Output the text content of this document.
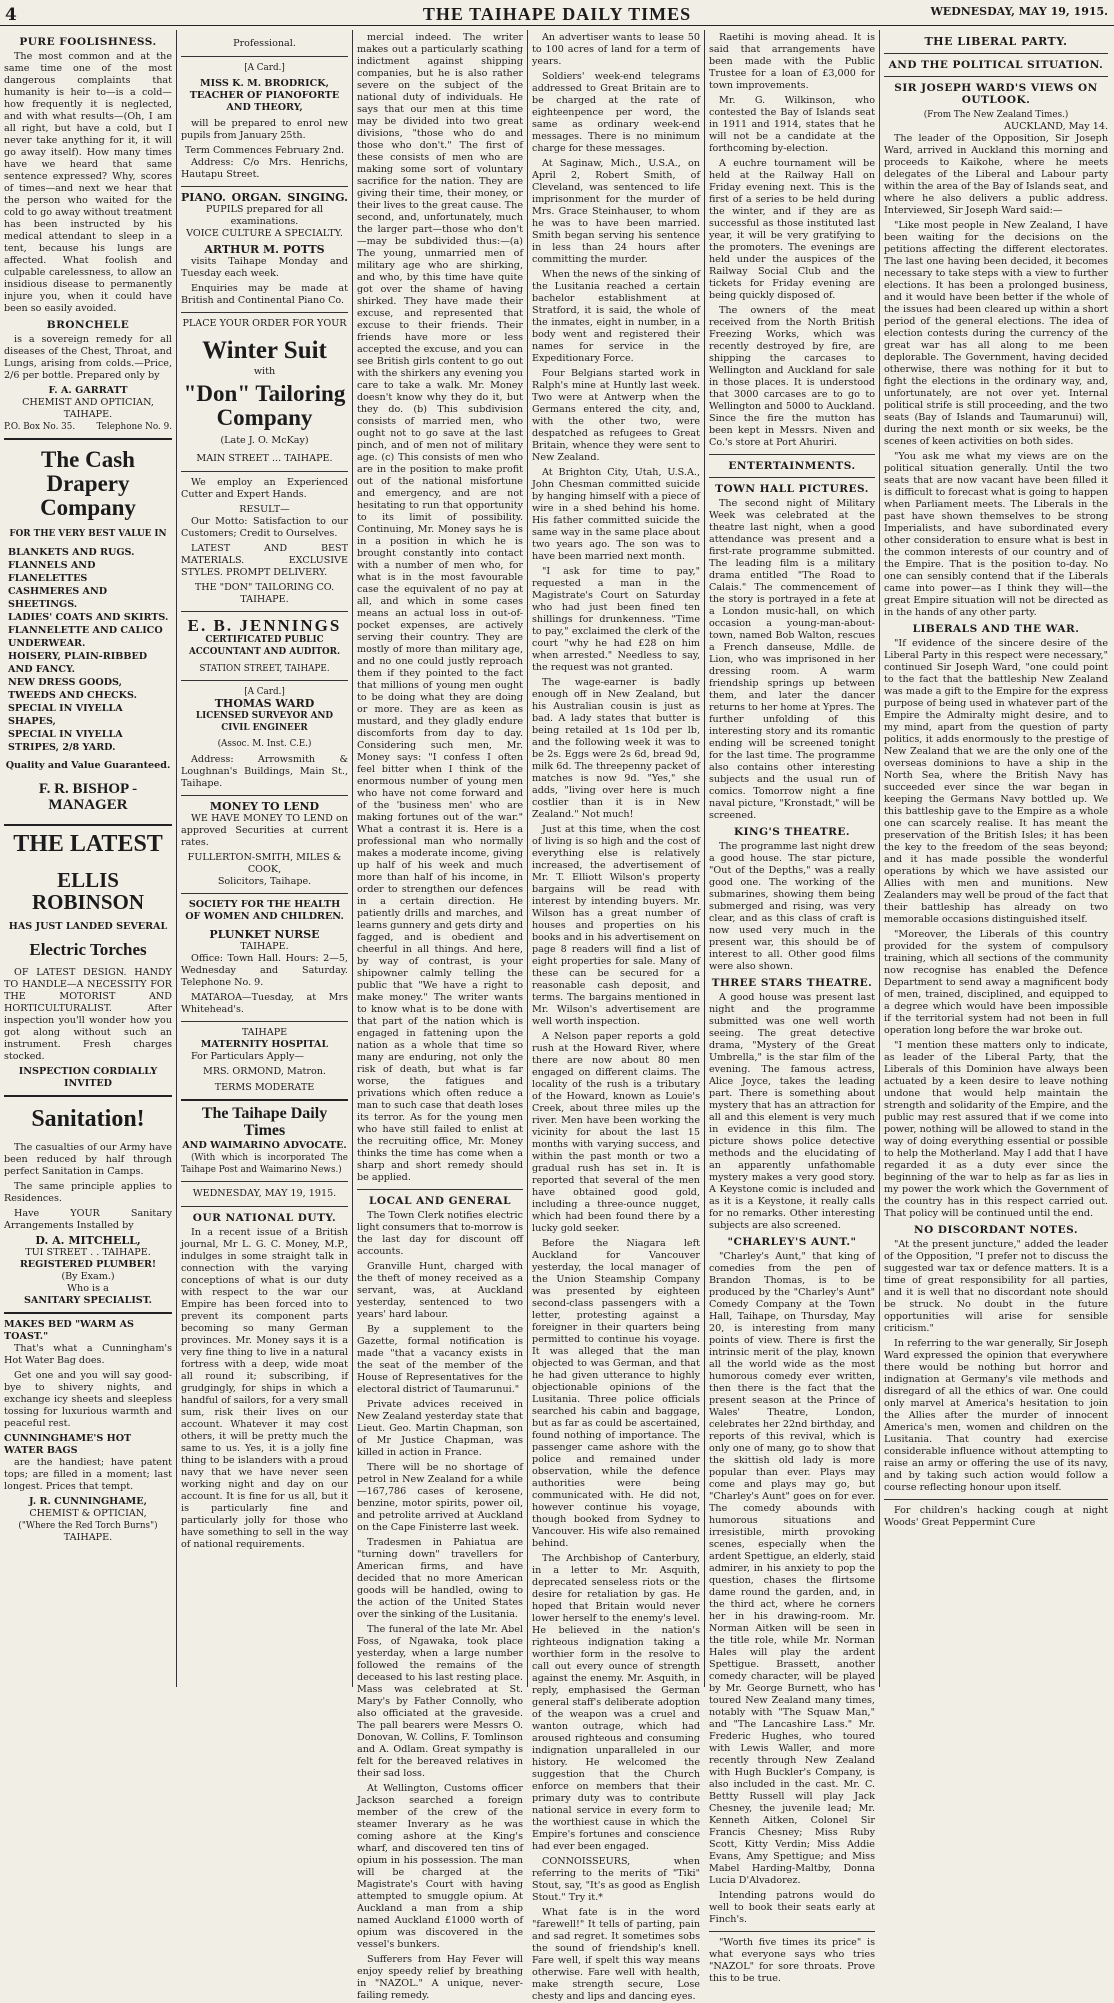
4	THE TAIHAPE DAILY TIMES	WEDNESDAY, MAY 19, 1915.
PURE FOOLISHNESS.

The most common and at the same time one of the most dangerous complaints that humanity is heir to—is a cold—how frequently it is neglected, and with what results—(Oh, I am all right, but have a cold, but I never take anything for it, it will go away itself). How many times have we heard that same sentence expressed? Why, scores of times—and next we hear that the person who waited for the cold to go away without treatment has been instructed by his medical attendant to sleep in a tent, because his lungs are affected. What foolish and culpable carelessness, to allow an insidious disease to permanently injure you, when it could have been so easily avoided.

BRONCHELE

is a sovereign remedy for all diseases of the Chest, Throat, and Lungs, arising from colds.—Price, 2/6 per bottle. Prepared only by

F. A. GARRATT
CHEMIST AND OPTICIAN,
TAIHAPE.
P.O. Box No. 35. Telephone No. 9.
The Cash Drapery Company
FOR THE VERY BEST VALUE IN
BLANKETS AND RUGS.
FLANNELS AND FLANELETTES
CASHMERES AND SHEETINGS.
LADIES' COATS AND SKIRTS.
FLANNELETTE AND CALICO UNDERWEAR.
HOISERY, PLAIN-RIBBED AND FANCY.
NEW DRESS GOODS, TWEEDS AND CHECKS.
SPECIAL IN VIYELLA SHAPES,
SPECIAL IN VIYELLA STRIPES, 2/8 YARD.
Quality and Value Guaranteed.
F. R. BISHOP - MANAGER
THE LATEST
ELLIS ROBINSON
HAS JUST LANDED SEVERAL
Electric Torches

OF LATEST DESIGN. HANDY TO HANDLE—A NECESSITY FOR THE MOTORIST AND HORTICULTURALIST. After inspection you'll wonder how you got along without such an instrument. Fresh charges stocked.

INSPECTION CORDIALLY INVITED
Sanitation!

The casualties of our Army have been reduced by half through perfect Sanitation in Camps.

The same principle applies to Residences.

Have YOUR Sanitary Arrangements Installed by

D. A. MITCHELL,
TUI STREET . . TAIHAPE.
REGISTERED PLUMBER!
(By Exam.)
Who is a
SANITARY SPECIALIST.
MAKES BED "WARM AS TOAST."

That's what a Cunningham's Hot Water Bag does.

Get one and you will say good-bye to shivery nights, and exchange icy sheets and sleepless tossing for luxurious warmth and peaceful rest.

CUNNINGHAME'S HOT WATER BAGS

are the handiest; have patent tops; are filled in a moment; last longest. Prices that tempt.

J. R. CUNNINGHAME,
CHEMIST & OPTICIAN,
("Where the Red Torch Burns")
TAIHAPE.
Professional.
[A Card.]
MISS K. M. BRODRICK, TEACHER OF PIANOFORTE AND THEORY,

will be prepared to enrol new pupils from January 25th.

Term Commences February 2nd.

Address: C/o Mrs. Henrichs, Hautapu Street.

PIANO. ORGAN. SINGING.
PUPILS prepared for all examinations.
VOICE CULTURE A SPECIALTY.
ARTHUR M. POTTS

visits Taihape Monday and Tuesday each week.

Enquiries may be made at British and Continental Piano Co.

PLACE YOUR ORDER FOR YOUR
Winter Suit
with
"Don" Tailoring Company
(Late J. O. McKay)
MAIN STREET ... TAIHAPE.

We employ an Experienced Cutter and Expert Hands.

RESULT—

Our Motto: Satisfaction to our Customers; Credit to Ourselves.

LATEST AND BEST MATERIALS. EXCLUSIVE STYLES. PROMPT DELIVERY.

THE "DON" TAILORING CO.
TAIHAPE.
E. B. JENNINGS
CERTIFICATED PUBLIC ACCOUNTANT AND AUDITOR.
STATION STREET, TAIHAPE.
[A Card.]
THOMAS WARD
LICENSED SURVEYOR AND CIVIL ENGINEER
(Assoc. M. Inst. C.E.)

Address: Arrowsmith & Loughnan's Buildings, Main St., Taihape.

MONEY TO LEND

WE HAVE MONEY TO LEND on approved Securities at current rates.

FULLERTON-SMITH, MILES & COOK,
Solicitors, Taihape.
SOCIETY FOR THE HEALTH OF WOMEN AND CHILDREN.
PLUNKET NURSE
TAIHAPE.

Office: Town Hall. Hours: 2—5, Wednesday and Saturday. Telephone No. 9.

MATAROA—Tuesday, at Mrs Whitehead's.

TAIHAPE
MATERNITY HOSPITAL

For Particulars Apply—

MRS. ORMOND, Matron.
TERMS MODERATE
The Taihape Daily Times
AND WAIMARINO ADVOCATE.

(With which is incorporated The Taihape Post and Waimarino News.)

WEDNESDAY, MAY 19, 1915.
OUR NATIONAL DUTY.

In a recent issue of a British journal, Mr L. G. C. Money, M.P., indulges in some straight talk in connection with the varying conceptions of what is our duty with respect to the war our Empire has been forced into to prevent its component parts becoming so many German provinces. Mr. Money says it is a very fine thing to live in a natural fortress with a deep, wide moat all round it; subscribing, if grudgingly, for ships in which a handful of sailors, for a very small sum, risk their lives on our account. Whatever it may cost others, it will be pretty much the same to us. Yes, it is a jolly fine thing to be islanders with a proud navy that we have never seen working night and day on our account. It is fine for us all, but it is particularly fine and particularly jolly for those who have something to sell in the way of national requirements.

mercial indeed. The writer makes out a particularly scathing indictment against shipping companies, but he is also rather severe on the subject of the national duty of individuals. He says that our men at this time may be divided into two great divisions, "those who do and those who don't." The first of these consists of men who are making some sort of voluntary sacrifice for the nation. They are giving their time, their money, or their lives to the great cause. The second, and, unfortunately, much the larger part—those who don't—may be subdivided thus:—(a) The young, unmarried men of military age who are shirking, and who, by this time have quite got over the shame of having shirked. They have made their excuse, and represented that excuse to their friends. Their friends have more or less accepted the excuse, and you can see British girls content to go out with the shirkers any evening you care to take a walk. Mr. Money doesn't know why they do it, but they do. (b) This subdivision consists of married men, who ought not to go save at the last pinch, and of men not of military age. (c) This consists of men who are in the position to make profit out of the national misfortune and emergency, and are not hesitating to run that opportunity to its limit of possibility. Continuing, Mr. Money says he is in a position in which he is brought constantly into contact with a number of men who, for what is in the most favourable case the equivalent of no pay at all, and which in some cases means an actual loss in out-of-pocket expenses, are actively serving their country. They are mostly of more than military age, and no one could justly reproach them if they pointed to the fact that millions of young men ought to be doing what they are doing or more. They are as keen as mustard, and they gladly endure discomforts from day to day. Considering such men, Mr. Money says: "I confess I often feel bitter when I think of the enormous number of young men who have not come forward and of the 'business men' who are making fortunes out of the war." What a contrast it is. Here is a professional man who normally makes a moderate income, giving up half of his week and much more than half of his income, in order to strengthen our defences in a certain direction. He patiently drills and marches, and learns gunnery and gets dirty and fagged, and is obedient and cheerful in all things. And here, by way of contrast, is your shipowner calmly telling the public that "We have a right to make money." The writer wants to know what is to be done with that part of the nation which is engaged in fattening upon the nation as a whole that time so many are enduring, not only the risk of death, but what is far worse, the fatigues and privations which often reduce a man to such case that death loses its terror. As for the young men who have still failed to enlist at the recruiting office, Mr. Money thinks the time has come when a sharp and short remedy should be applied.

LOCAL AND GENERAL

The Town Clerk notifies electric light consumers that to-morrow is the last day for discount off accounts.

Granville Hunt, charged with the theft of money received as a servant, was, at Auckland yesterday, sentenced to two years' hard labour.

By a supplement to the Gazette, formal notification is made "that a vacancy exists in the seat of the member of the House of Representatives for the electoral district of Taumarunui."

Private advices received in New Zealand yesterday state that Lieut. Geo. Martin Chapman, son of Mr Justice Chapman, was killed in action in France.

There will be no shortage of petrol in New Zealand for a while—167,786 cases of kerosene, benzine, motor spirits, power oil, and petrolite arrived at Auckland on the Cape Finisterre last week.

Tradesmen in Pahiatua are "turning down" travellers for American firms, and have decided that no more American goods will be handled, owing to the action of the United States over the sinking of the Lusitania.

The funeral of the late Mr. Abel Foss, of Ngawaka, took place yesterday, when a large number followed the remains of the deceased to his last resting place. Mass was celebrated at St. Mary's by Father Connolly, who also officiated at the graveside. The pall bearers were Messrs O. Donovan, W. Collins, F. Tomlinson and A. Odlam. Great sympathy is felt for the bereaved relatives in their sad loss.

At Wellington, Customs officer Jackson searched a foreign member of the crew of the steamer Inverary as he was coming ashore at the King's wharf, and discovered ten tins of opium in his possession. The man will be charged at the Magistrate's Court with having attempted to smuggle opium. At Auckland a man from a ship named Auckland £1000 worth of opium was discovered in the vessel's bunkers.

Sufferers from Hay Fever will enjoy speedy relief by breathing in "NAZOL." A unique, never-failing remedy.

An advertiser wants to lease 50 to 100 acres of land for a term of years.

Soldiers' week-end telegrams addressed to Great Britain are to be charged at the rate of eighteenpence per word, the same as ordinary week-end messages. There is no minimum charge for these messages.

At Saginaw, Mich., U.S.A., on April 2, Robert Smith, of Cleveland, was sentenced to life imprisonment for the murder of Mrs. Grace Steinhauser, to whom he was to have been married. Smith began serving his sentence in less than 24 hours after committing the murder.

When the news of the sinking of the Lusitania reached a certain bachelor establishment at Stratford, it is said, the whole of the inmates, eight in number, in a body went and registered their names for service in the Expeditionary Force.

Four Belgians started work in Ralph's mine at Huntly last week. Two were at Antwerp when the Germans entered the city, and, with the other two, were despatched as refugees to Great Britain, whence they were sent to New Zealand.

At Brighton City, Utah, U.S.A., John Chesman committed suicide by hanging himself with a piece of wire in a shed behind his home. His father committed suicide the same way in the same place about two years ago. The son was to have been married next month.

"I ask for time to pay," requested a man in the Magistrate's Court on Saturday who had just been fined ten shillings for drunkenness. "Time to pay," exclaimed the clerk of the court "why he had £28 on him when arrested." Needless to say, the request was not granted.

The wage-earner is badly enough off in New Zealand, but his Australian cousin is just as bad. A lady states that butter is being retailed at 1s 10d per lb, and the following week it was to be 2s. Eggs were 2s 6d, bread 9d, milk 6d. The threepenny packet of matches is now 9d. "Yes," she adds, "living over here is much costlier than it is in New Zealand." Not much!

Just at this time, when the cost of living is so high and the cost of everything else is relatively increased, the advertisement of Mr. T. Elliott Wilson's property bargains will be read with interest by intending buyers. Mr. Wilson has a great number of houses and properties on his books and in his advertisement on page 8 readers will find a list of eight properties for sale. Many of these can be secured for a reasonable cash deposit, and terms. The bargains mentioned in Mr. Wilson's advertisement are well worth inspection.

A Nelson paper reports a gold rush at the Howard River, where there are now about 80 men engaged on different claims. The locality of the rush is a tributary of the Howard, known as Louie's Creek, about three miles up the river. Men have been working the vicinity for about the last 15 months with varying success, and within the past month or two a gradual rush has set in. It is reported that several of the men have obtained good gold, including a three-ounce nugget, which had been found there by a lucky gold seeker.

Before the Niagara left Auckland for Vancouver yesterday, the local manager of the Union Steamship Company was presented by eighteen second-class passengers with a letter, protesting against a foreigner in their quarters being permitted to continue his voyage. It was alleged that the man objected to was German, and that he had given utterance to highly objectionable opinions of the Lusitania. Three police officials searched his cabin and baggage, but as far as could be ascertained, found nothing of importance. The passenger came ashore with the police and remained under observation, while the defence authorities were being communicated with. He did not, however continue his voyage, though booked from Sydney to Vancouver. His wife also remained behind.

The Archbishop of Canterbury, in a letter to Mr. Asquith, deprecated senseless riots or the desire for retaliation by gas. He hoped that Britain would never lower herself to the enemy's level. He believed in the nation's righteous indignation taking a worthier form in the resolve to call out every ounce of strength against the enemy. Mr. Asquith, in reply, emphasised the German general staff's deliberate adoption of the weapon was a cruel and wanton outrage, which had aroused righteous and consuming indignation unparalleled in our history. He welcomed the suggestion that the Church enforce on members that their primary duty was to contribute national service in every form to the worthiest cause in which the Empire's fortunes and conscience had ever been engaged.

CONNOISSEURS, when referring to the merits of "Tiki" Stout, say, "It's as good as English Stout." Try it.*

What fate is in the word "farewell!" It tells of parting, pain and sad regret. It sometimes sobs the sound of friendship's knell. Fare well, if spelt this way means otherwise. Fare well with health, make strength secure, Lose chesty and lips and dancing eyes.

Raetihi is moving ahead. It is said that arrangements have been made with the Public Trustee for a loan of £3,000 for town improvements.

Mr. G. Wilkinson, who contested the Bay of Islands seat in 1911 and 1914, states that he will not be a candidate at the forthcoming by-election.

A euchre tournament will be held at the Railway Hall on Friday evening next. This is the first of a series to be held during the winter, and if they are as successful as those instituted last year, it will be very gratifying to the promoters. The evenings are held under the auspices of the Railway Social Club and the tickets for Friday evening are being quickly disposed of.

The owners of the meat received from the North British Freezing Works, which was recently destroyed by fire, are shipping the carcases to Wellington and Auckland for sale in those places. It is understood that 3000 carcases are to go to Wellington and 5000 to Auckland. Since the fire the mutton has been kept in Messrs. Niven and Co.'s store at Port Ahuriri.

ENTERTAINMENTS.
TOWN HALL PICTURES.

The second night of Military Week was celebrated at the theatre last night, when a good attendance was present and a first-rate programme submitted. The leading film is a military drama entitled "The Road to Calais." The commencement of the story is portrayed in a fete at a London music-hall, on which occasion a young-man-about-town, named Bob Walton, rescues a French danseuse, Mdlle. de Lion, who was imprisoned in her dressing room. A warm friendship springs up between them, and later the dancer returns to her home at Ypres. The further unfolding of this interesting story and its romantic ending will be screened tonight for the last time. The programme also contains other interesting subjects and the usual run of comics. Tomorrow night a fine naval picture, "Kronstadt," will be screened.

KING'S THEATRE.

The programme last night drew a good house. The star picture, "Out of the Depths," was a really good one. The working of the submarines, showing them being submerged and rising, was very clear, and as this class of craft is now used very much in the present war, this should be of interest to all. Other good films were also shown.

THREE STARS THEATRE.

A good house was present last night and the programme submitted was one well worth seeing. The great detective drama, "Mystery of the Great Umbrella," is the star film of the evening. The famous actress, Alice Joyce, takes the leading part. There is something about mystery that has an attraction for all and this element is very much in evidence in this film. The picture shows police detective methods and the elucidating of an apparently unfathomable mystery makes a very good story. A Keystone comic is included and as it is a Keystone, it really calls for no remarks. Other interesting subjects are also screened.

"CHARLEY'S AUNT."

"Charley's Aunt," that king of comedies from the pen of Brandon Thomas, is to be produced by the "Charley's Aunt" Comedy Company at the Town Hall, Taihape, on Thursday, May 20, is interesting from many points of view. There is first the intrinsic merit of the play, known all the world wide as the most humorous comedy ever written, then there is the fact that the present season at the Prince of Wales' Theatre, London, celebrates her 22nd birthday, and reports of this revival, which is only one of many, go to show that the skittish old lady is more popular than ever. Plays may come and plays may go, but "Charley's Aunt" goes on for ever. The comedy abounds with humorous situations and irresistible, mirth provoking scenes, especially when the ardent Spettigue, an elderly, staid admirer, in his anxiety to pop the question, chases the flirtsome dame round the garden, and, in the third act, where he corners her in his drawing-room. Mr. Norman Aitken will be seen in the title role, while Mr. Norman Hales will play the ardent Spettigue. Brassett, another comedy character, will be played by Mr. George Burnett, who has toured New Zealand many times, notably with "The Squaw Man," and "The Lancashire Lass." Mr. Frederic Hughes, who toured with Lewis Waller, and more recently through New Zealand with Hugh Buckler's Company, is also included in the cast. Mr. C. Bettty Russell will play Jack Chesney, the juvenile lead; Mr. Kenneth Aitken, Colonel Sir Francis Chesney; Miss Ruby Scott, Kitty Verdin; Miss Addie Evans, Amy Spettigue; and Miss Mabel Harding-Maltby, Donna Lucia D'Alvadorez.

Intending patrons would do well to book their seats early at Finch's.

"Worth five times its price" is what everyone says who tries "NAZOL" for sore throats. Prove this to be true.

THE LIBERAL PARTY.
AND THE POLITICAL SITUATION.
SIR JOSEPH WARD'S VIEWS ON OUTLOOK.
(From The New Zealand Times.)
AUCKLAND, May 14.

The leader of the Opposition, Sir Joseph Ward, arrived in Auckland this morning and proceeds to Kaikohe, where he meets delegates of the Liberal and Labour party within the area of the Bay of Islands seat, and where he also delivers a public address. Interviewed, Sir Joseph Ward said:—

"Like most people in New Zealand, I have been waiting for the decisions on the petitions affecting the different electorates. The last one having been decided, it becomes necessary to take steps with a view to further elections. It has been a prolonged business, and it would have been better if the whole of the issues had been cleared up within a short period of the general elections. The idea of election contests during the currency of the great war has all along to me been deplorable. The Government, having decided otherwise, there was nothing for it but to fight the elections in the ordinary way, and, unfortunately, are not over yet. Internal political strife is still proceeding, and the two seats (Bay of Islands and Taumarunui) will, during the next month or six weeks, be the scenes of keen activities on both sides.

"You ask me what my views are on the political situation generally. Until the two seats that are now vacant have been filled it is difficult to forecast what is going to happen when Parliament meets. The Liberals in the past have shown themselves to be strong Imperialists, and have subordinated every other consideration to ensure what is best in the common interests of our country and of the Empire. That is the position to-day. No one can sensibly contend that if the Liberals came into power—as I think they will—the great Empire situation will not be directed as in the hands of any other party.

LIBERALS AND THE WAR.

"If evidence of the sincere desire of the Liberal Party in this respect were necessary," continued Sir Joseph Ward, "one could point to the fact that the battleship New Zealand was made a gift to the Empire for the express purpose of being used in whatever part of the Empire the Admiralty might desire, and to my mind, apart from the question of party politics, it adds enormously to the prestige of New Zealand that we are the only one of the overseas dominions to have a ship in the North Sea, where the British Navy has succeeded ever since the war began in keeping the Germans Navy bottled up. We this battleship gave to the Empire as a whole one can scarcely realise. It has meant the preservation of the British Isles; it has been the key to the freedom of the seas beyond; and it has made possible the wonderful operations by which we have assisted our Allies with men and munitions. New Zealanders may well be proud of the fact that their battleship has already on two memorable occasions distinguished itself.

"Moreover, the Liberals of this country provided for the system of compulsory training, which all sections of the community now recognise has enabled the Defence Department to send away a magnificent body of men, trained, disciplined, and equipped to a degree which would have been impossible if the territorial system had not been in full operation long before the war broke out.

"I mention these matters only to indicate, as leader of the Liberal Party, that the Liberals of this Dominion have always been actuated by a keen desire to leave nothing undone that would help maintain the strength and solidarity of the Empire, and the public may rest assured that if we come into power, nothing will be allowed to stand in the way of doing everything essential or possible to help the Motherland. May I add that I have regarded it as a duty ever since the beginning of the war to help as far as lies in my power the work which the Government of the country has in this respect carried out. That policy will be continued until the end.

NO DISCORDANT NOTES.

"At the present juncture," added the leader of the Opposition, "I prefer not to discuss the suggested war tax or defence matters. It is a time of great responsibility for all parties, and it is well that no discordant note should be struck. No doubt in the future opportunities will arise for sensible criticism."

In referring to the war generally, Sir Joseph Ward expressed the opinion that everywhere there would be nothing but horror and indignation at Germany's vile methods and disregard of all the ethics of war. One could only marvel at America's hesitation to join the Allies after the murder of innocent America's men, women and children on the Lusitania. That country had exercise considerable influence without attempting to raise an army or offering the use of its navy, and by taking such action would follow a course reflecting honour upon itself.

For children's hacking cough at night Woods' Great Peppermint Cure
